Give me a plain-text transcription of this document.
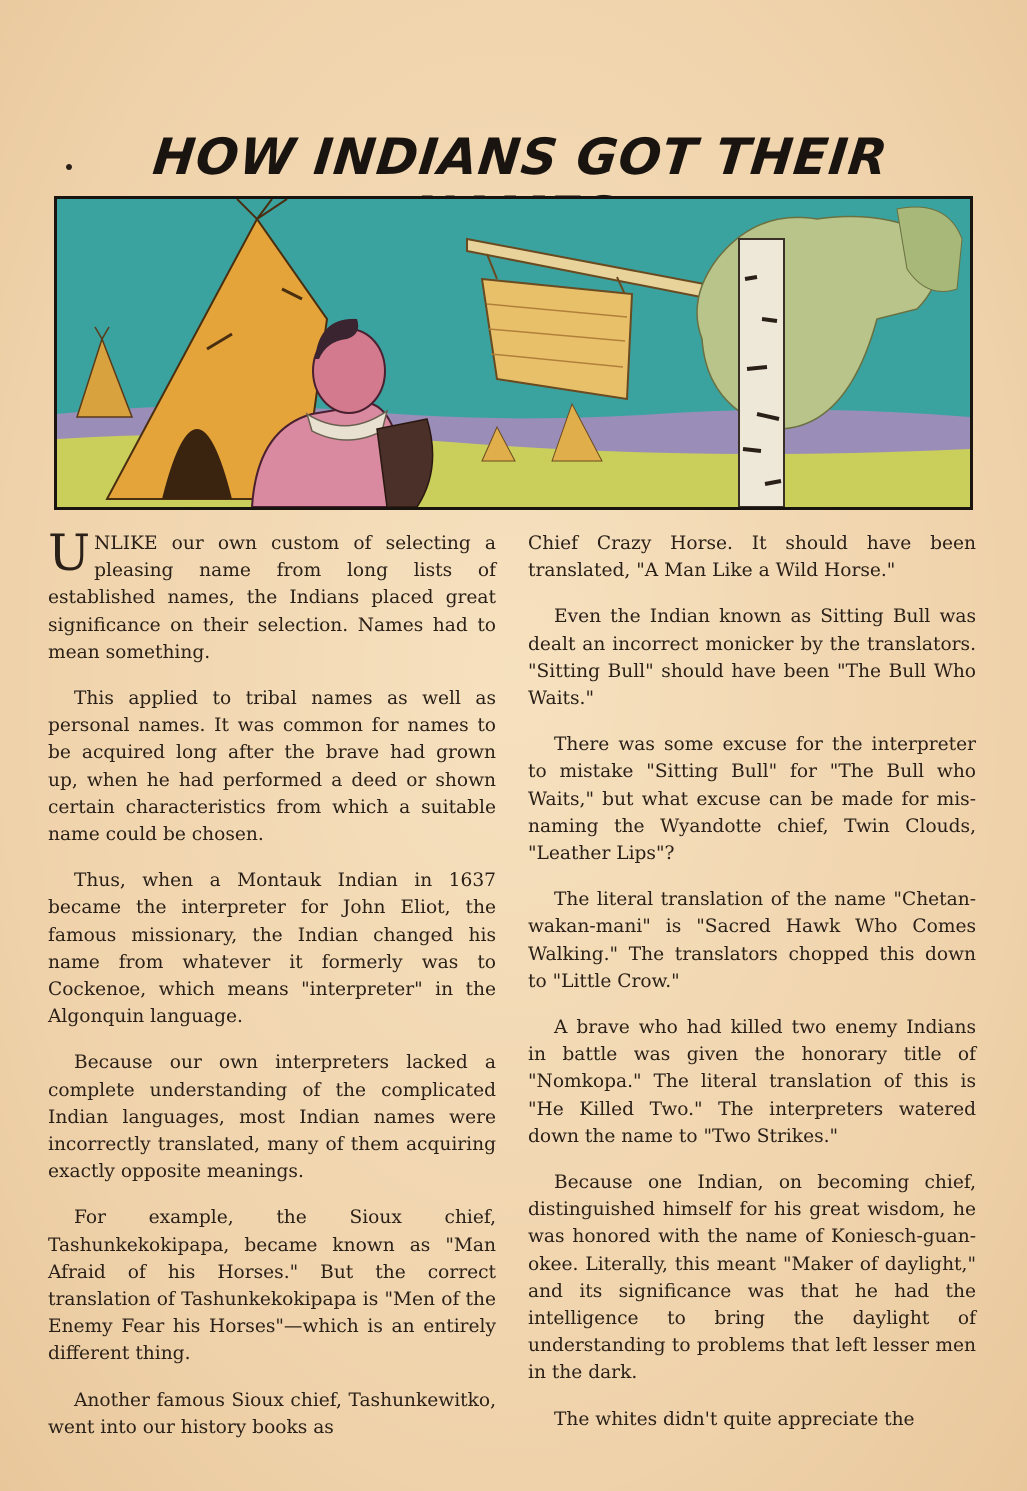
HOW INDIANS GOT THEIR

UNLIKE our own custom of selecting a pleasing name from long lists of established names, the Indians placed great significance on their selection. Names had to mean something.

This applied to tribal names as well as personal names. It was common for names to be acquired long after the brave had grown up, when he had performed a deed or shown certain characteristics from which a suitable name could be chosen.

Thus, when a Montauk Indian in 1637 became the interpreter for John Eliot, the famous missionary, the Indian changed his name from whatever it formerly was to Cockenoe, which means "interpreter" in the Algonquin language.

Because our own interpreters lacked a complete understanding of the complicated Indian languages, most Indian names were incorrectly translated, many of them acquiring exactly opposite meanings.

For example, the Sioux chief, Tashunkekokipapa, became known as "Man Afraid of his Horses." But the correct translation of Tashunkekokipapa is "Men of the Enemy Fear his Horses"—which is an entirely different thing.

Another famous Sioux chief, Tashunkewitko, went into our history books as

Chief Crazy Horse. It should have been translated, "A Man Like a Wild Horse."

Even the Indian known as Sitting Bull was dealt an incorrect monicker by the translators. "Sitting Bull" should have been "The Bull Who Waits."

There was some excuse for the interpreter to mistake "Sitting Bull" for "The Bull who Waits," but what excuse can be made for mis-naming the Wyandotte chief, Twin Clouds, "Leather Lips"?

The literal translation of the name "Chetan-wakan-mani" is "Sacred Hawk Who Comes Walking." The translators chopped this down to "Little Crow."

A brave who had killed two enemy Indians in battle was given the honorary title of "Nomkopa." The literal translation of this is "He Killed Two." The interpreters watered down the name to "Two Strikes."

Because one Indian, on becoming chief, distinguished himself for his great wisdom, he was honored with the name of Koniesch-guan-okee. Literally, this meant "Maker of daylight," and its significance was that he had the intelligence to bring the daylight of understanding to problems that left lesser men in the dark.

The whites didn't quite appreciate the
